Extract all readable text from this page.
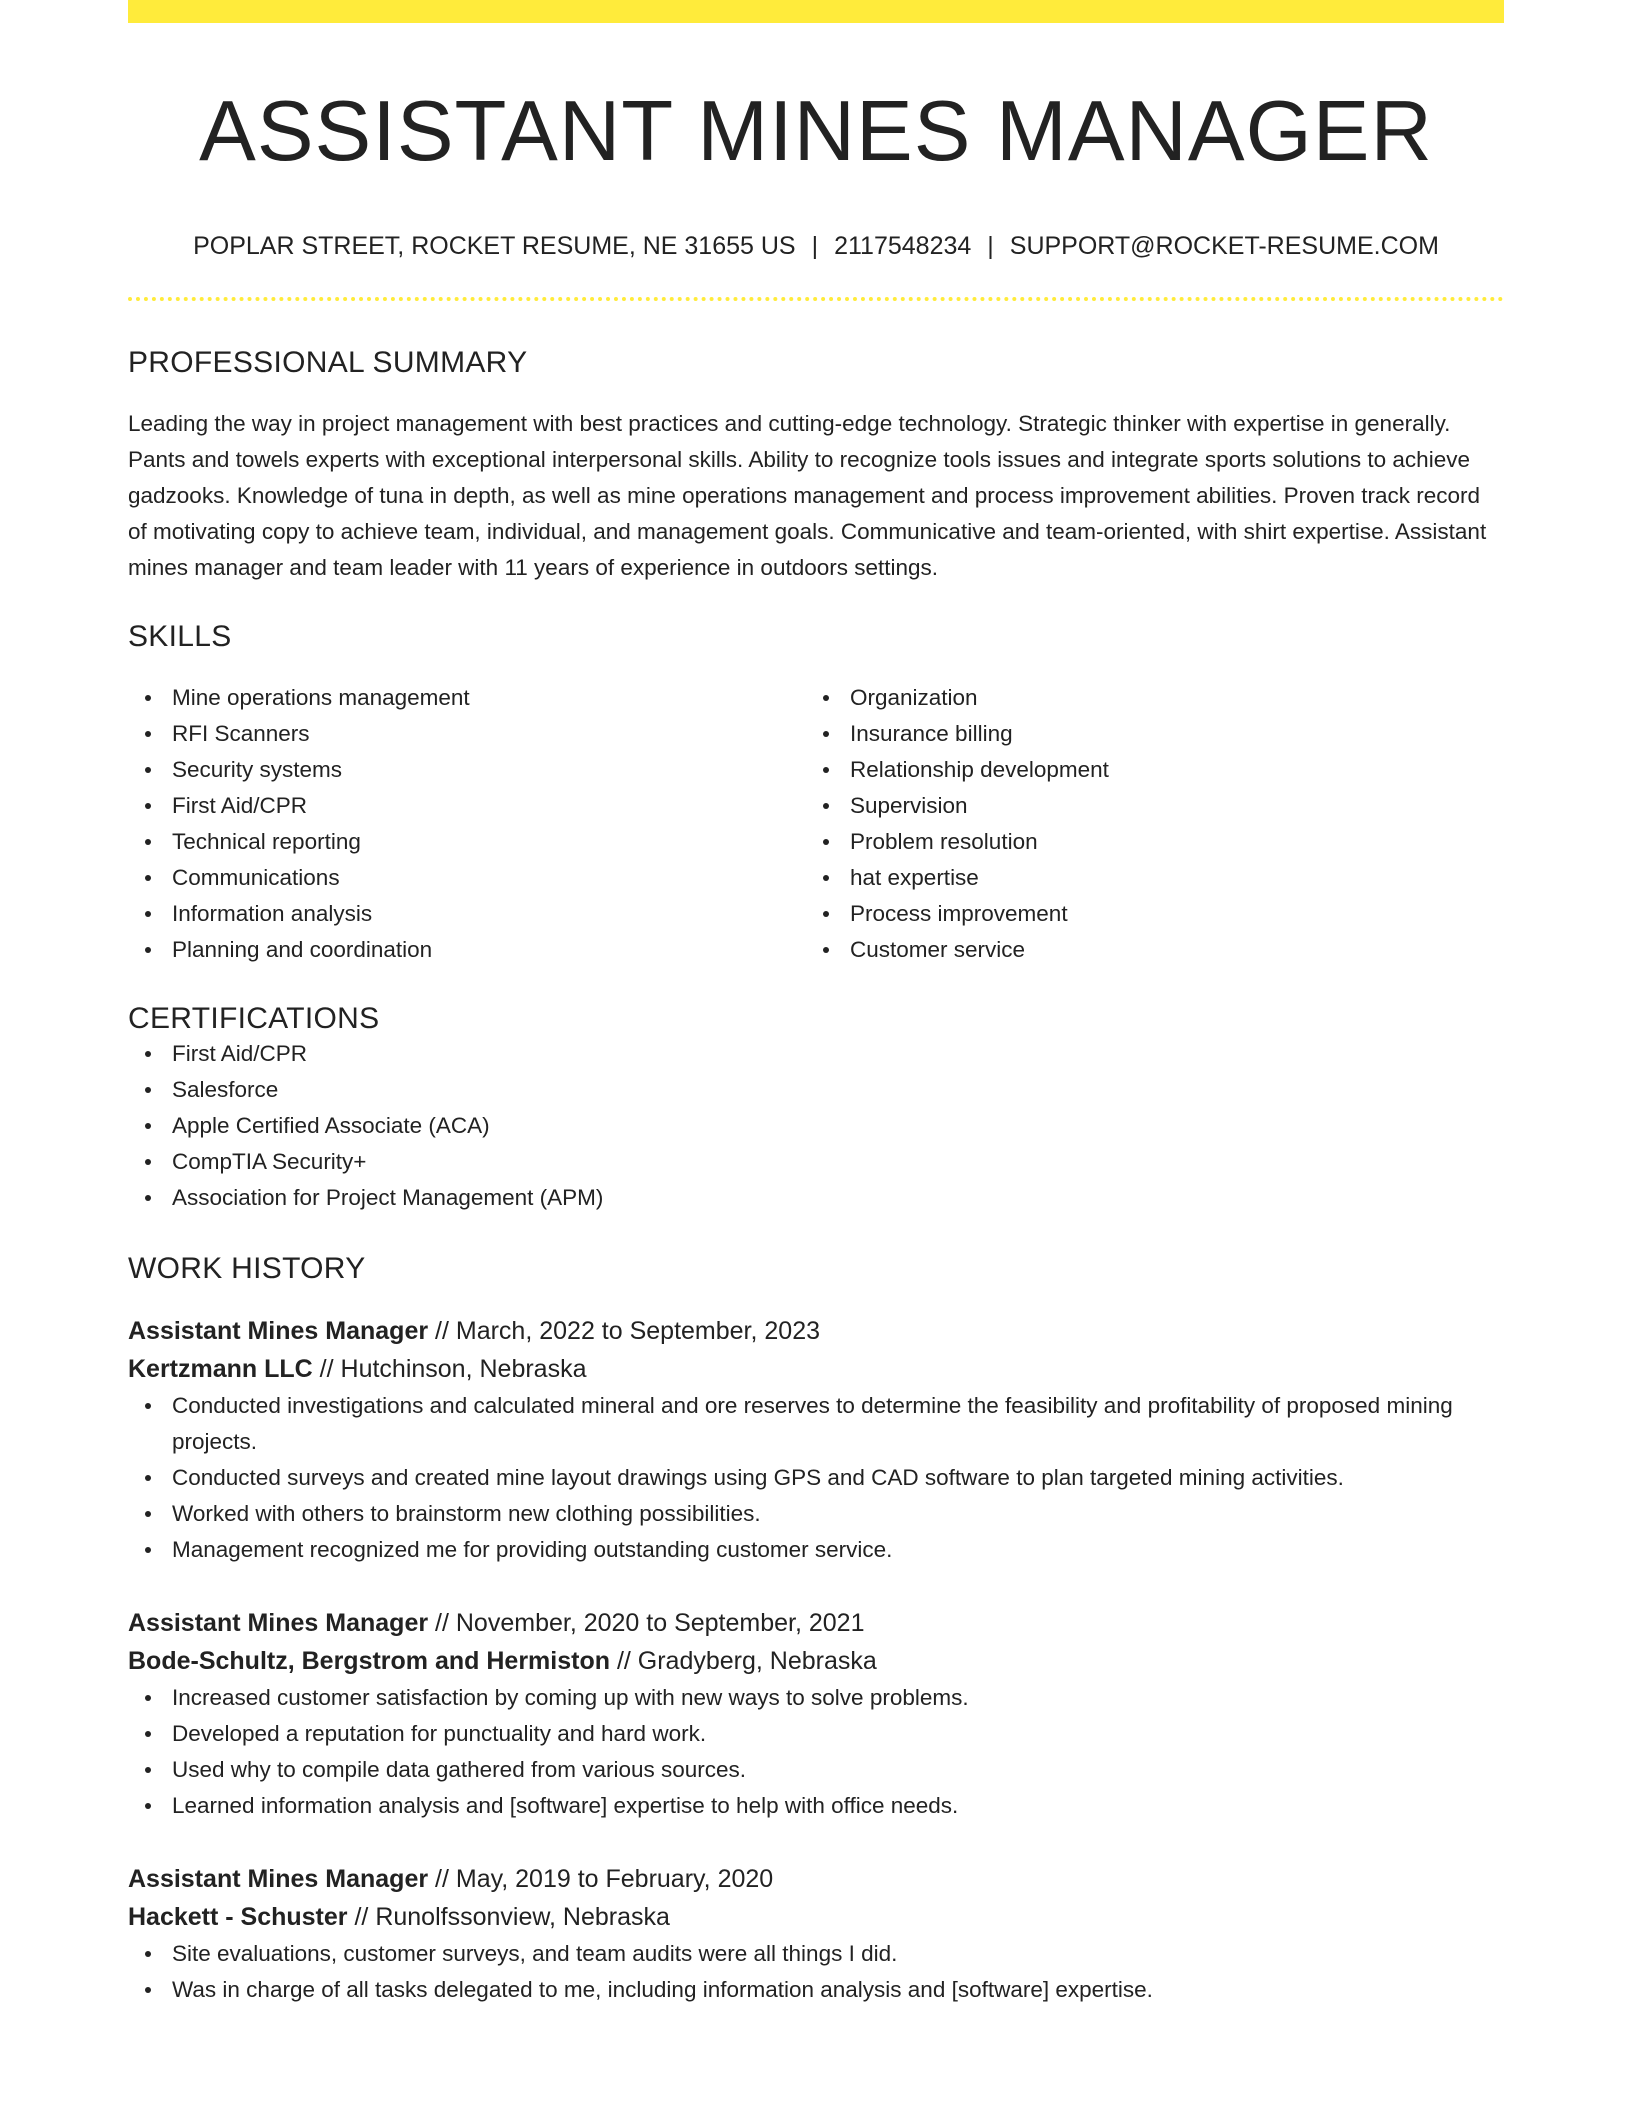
ASSISTANT MINES MANAGER
POPLAR STREET, ROCKET RESUME, NE 31655 US | 2117548234 | SUPPORT@ROCKET-RESUME.COM
PROFESSIONAL SUMMARY

Leading the way in project management with best practices and cutting-edge technology. Strategic thinker with expertise in generally. Pants and towels experts with exceptional interpersonal skills. Ability to recognize tools issues and integrate sports solutions to achieve gadzooks. Knowledge of tuna in depth, as well as mine operations management and process improvement abilities. Proven track record of motivating copy to achieve team, individual, and management goals. Communicative and team-oriented, with shirt expertise. Assistant mines manager and team leader with 11 years of experience in outdoors settings.

SKILLS
Mine operations management
RFI Scanners
Security systems
First Aid/CPR
Technical reporting
Communications
Information analysis
Planning and coordination
Organization
Insurance billing
Relationship development
Supervision
Problem resolution
hat expertise
Process improvement
Customer service
CERTIFICATIONS
First Aid/CPR
Salesforce
Apple Certified Associate (ACA)
CompTIA Security+
Association for Project Management (APM)
WORK HISTORY
Assistant Mines Manager // March, 2022 to September, 2023
Kertzmann LLC // Hutchinson, Nebraska
Conducted investigations and calculated mineral and ore reserves to determine the feasibility and profitability of proposed mining projects.
Conducted surveys and created mine layout drawings using GPS and CAD software to plan targeted mining activities.
Worked with others to brainstorm new clothing possibilities.
Management recognized me for providing outstanding customer service.
Assistant Mines Manager // November, 2020 to September, 2021
Bode-Schultz, Bergstrom and Hermiston // Gradyberg, Nebraska
Increased customer satisfaction by coming up with new ways to solve problems.
Developed a reputation for punctuality and hard work.
Used why to compile data gathered from various sources.
Learned information analysis and [software] expertise to help with office needs.
Assistant Mines Manager // May, 2019 to February, 2020
Hackett - Schuster // Runolfssonview, Nebraska
Site evaluations, customer surveys, and team audits were all things I did.
Was in charge of all tasks delegated to me, including information analysis and [software] expertise.
